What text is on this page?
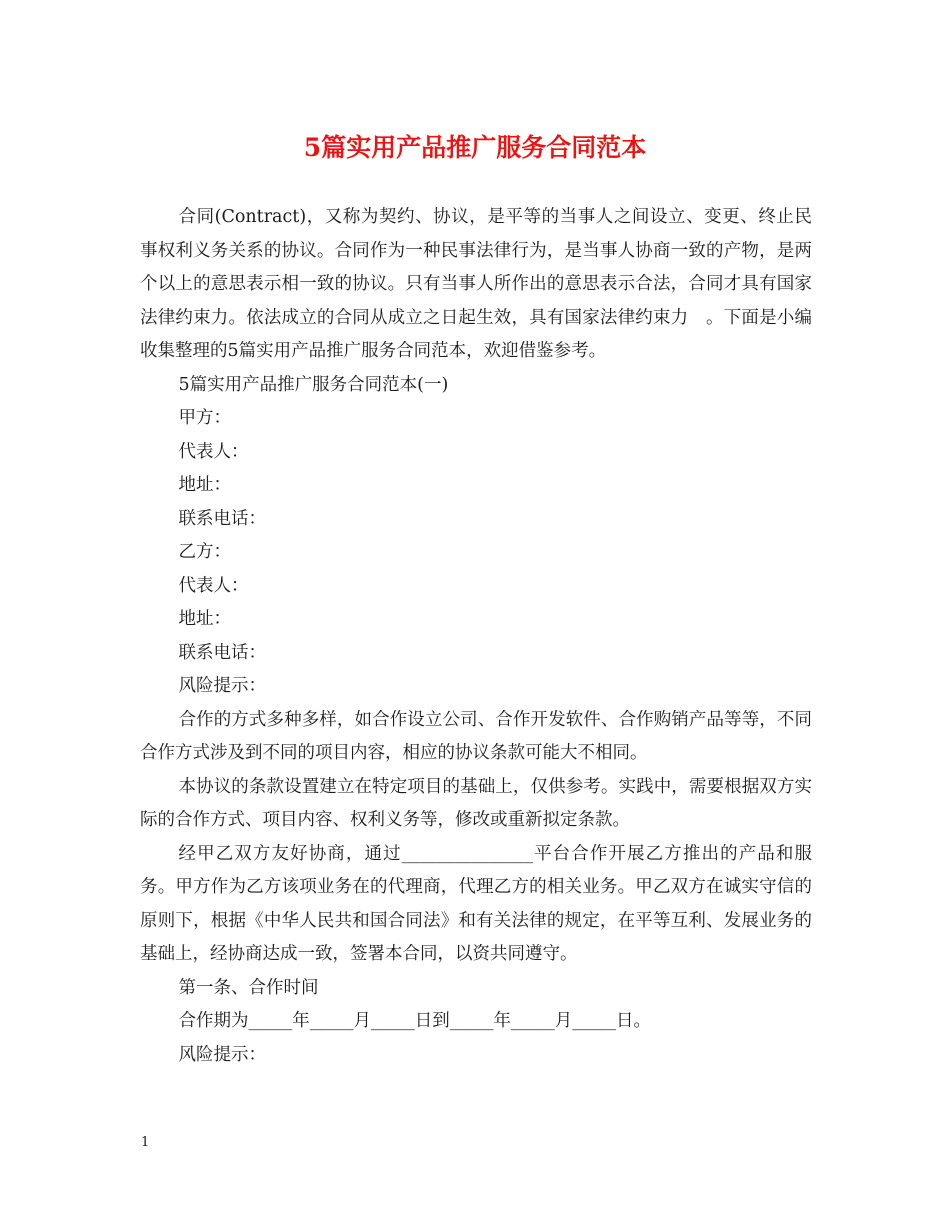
5篇实用产品推广服务合同范本

合同(Contract)，又称为契约、协议，是平等的当事人之间设立、变更、终止民事权利义务关系的协议。合同作为一种民事法律行为，是当事人协商一致的产物，是两个以上的意思表示相一致的协议。只有当事人所作出的意思表示合法，合同才具有国家法律约束力。依法成立的合同从成立之日起生效，具有国家法律约束力　。下面是小编收集整理的5篇实用产品推广服务合同范本，欢迎借鉴参考。

5篇实用产品推广服务合同范本(一)

甲方：

代表人：

地址：

联系电话：

乙方：

代表人：

地址：

联系电话：

风险提示：

合作的方式多种多样，如合作设立公司、合作开发软件、合作购销产品等等，不同合作方式涉及到不同的项目内容，相应的协议条款可能大不相同。

本协议的条款设置建立在特定项目的基础上，仅供参考。实践中，需要根据双方实际的合作方式、项目内容、权利义务等，修改或重新拟定条款。

经甲乙双方友好协商，通过_______________平台合作开展乙方推出的产品和服务。甲方作为乙方该项业务在的代理商，代理乙方的相关业务。甲乙双方在诚实守信的原则下，根据《中华人民共和国合同法》和有关法律的规定，在平等互利、发展业务的基础上，经协商达成一致，签署本合同，以资共同遵守。

第一条、合作时间

合作期为_____年_____月_____日到_____年_____月_____日。

风险提示：

1
